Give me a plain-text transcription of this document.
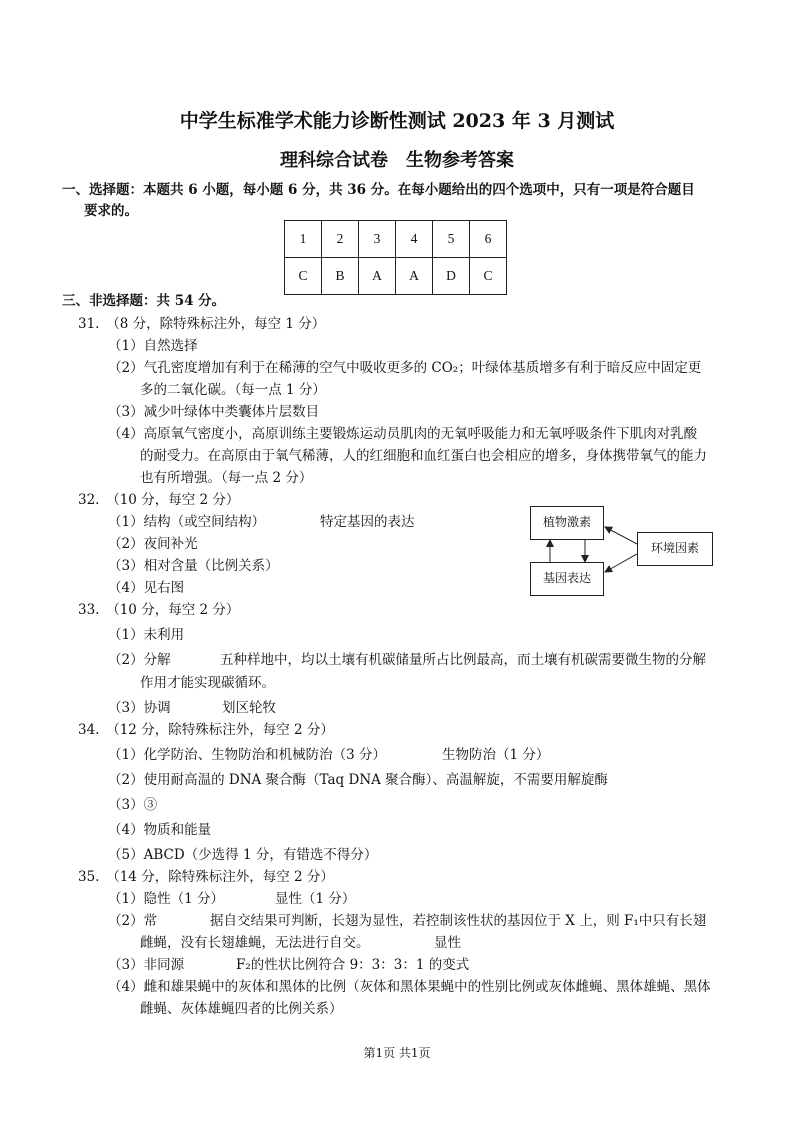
中学生标准学术能力诊断性测试 2023 年 3 月测试
理科综合试卷　生物参考答案
一、选择题：本题共 6 小题，每小题 6 分，共 36 分。在每小题给出的四个选项中，只有一项是符合题目
要求的。
1	2	3	4	5	6
C	B	A	A	D	C
三、非选择题：共 54 分。
31.　（8 分，除特殊标注外，每空 1 分）
（1）自然选择
（2）气孔密度增加有利于在稀薄的空气中吸收更多的 CO₂；叶绿体基质增多有利于暗反应中固定更
多的二氧化碳。（每一点 1 分）
（3）减少叶绿体中类囊体片层数目
（4）高原氧气密度小，高原训练主要锻炼运动员肌肉的无氧呼吸能力和无氧呼吸条件下肌肉对乳酸
的耐受力。在高原由于氧气稀薄，人的红细胞和血红蛋白也会相应的增多，身体携带氧气的能力
也有所增强。（每一点 2 分）
32.　（10 分，每空 2 分）
（1）结构（或空间结构）	特定基因的表达
（2）夜间补光
（3）相对含量（比例关系）
（4）见右图
植物激素
基因表达
环境因素
33.　（10 分，每空 2 分）
（1）未利用
（2）分解	五种样地中，均以土壤有机碳储量所占比例最高，而土壤有机碳需要微生物的分解
作用才能实现碳循环。
（3）协调	划区轮牧
34.　（12 分，除特殊标注外，每空 2 分）
（1）化学防治、生物防治和机械防治（3 分）	生物防治（1 分）
（2）使用耐高温的 DNA 聚合酶（Taq DNA 聚合酶）、高温解旋，不需要用解旋酶
（3）③
（4）物质和能量
（5）ABCD（少选得 1 分，有错选不得分）
35.　（14 分，除特殊标注外，每空 2 分）
（1）隐性（1 分）	显性（1 分）
（2）常	据自交结果可判断，长翅为显性，若控制该性状的基因位于 X 上，则 F₁中只有长翅
雌蝇，没有长翅雄蝇，无法进行自交。	显性
（3）非同源	F₂的性状比例符合 9：3：3：1 的变式
（4）雌和雄果蝇中的灰体和黑体的比例（灰体和黑体果蝇中的性别比例或灰体雌蝇、黑体雄蝇、黑体
雌蝇、灰体雄蝇四者的比例关系）
第1页 共1页
